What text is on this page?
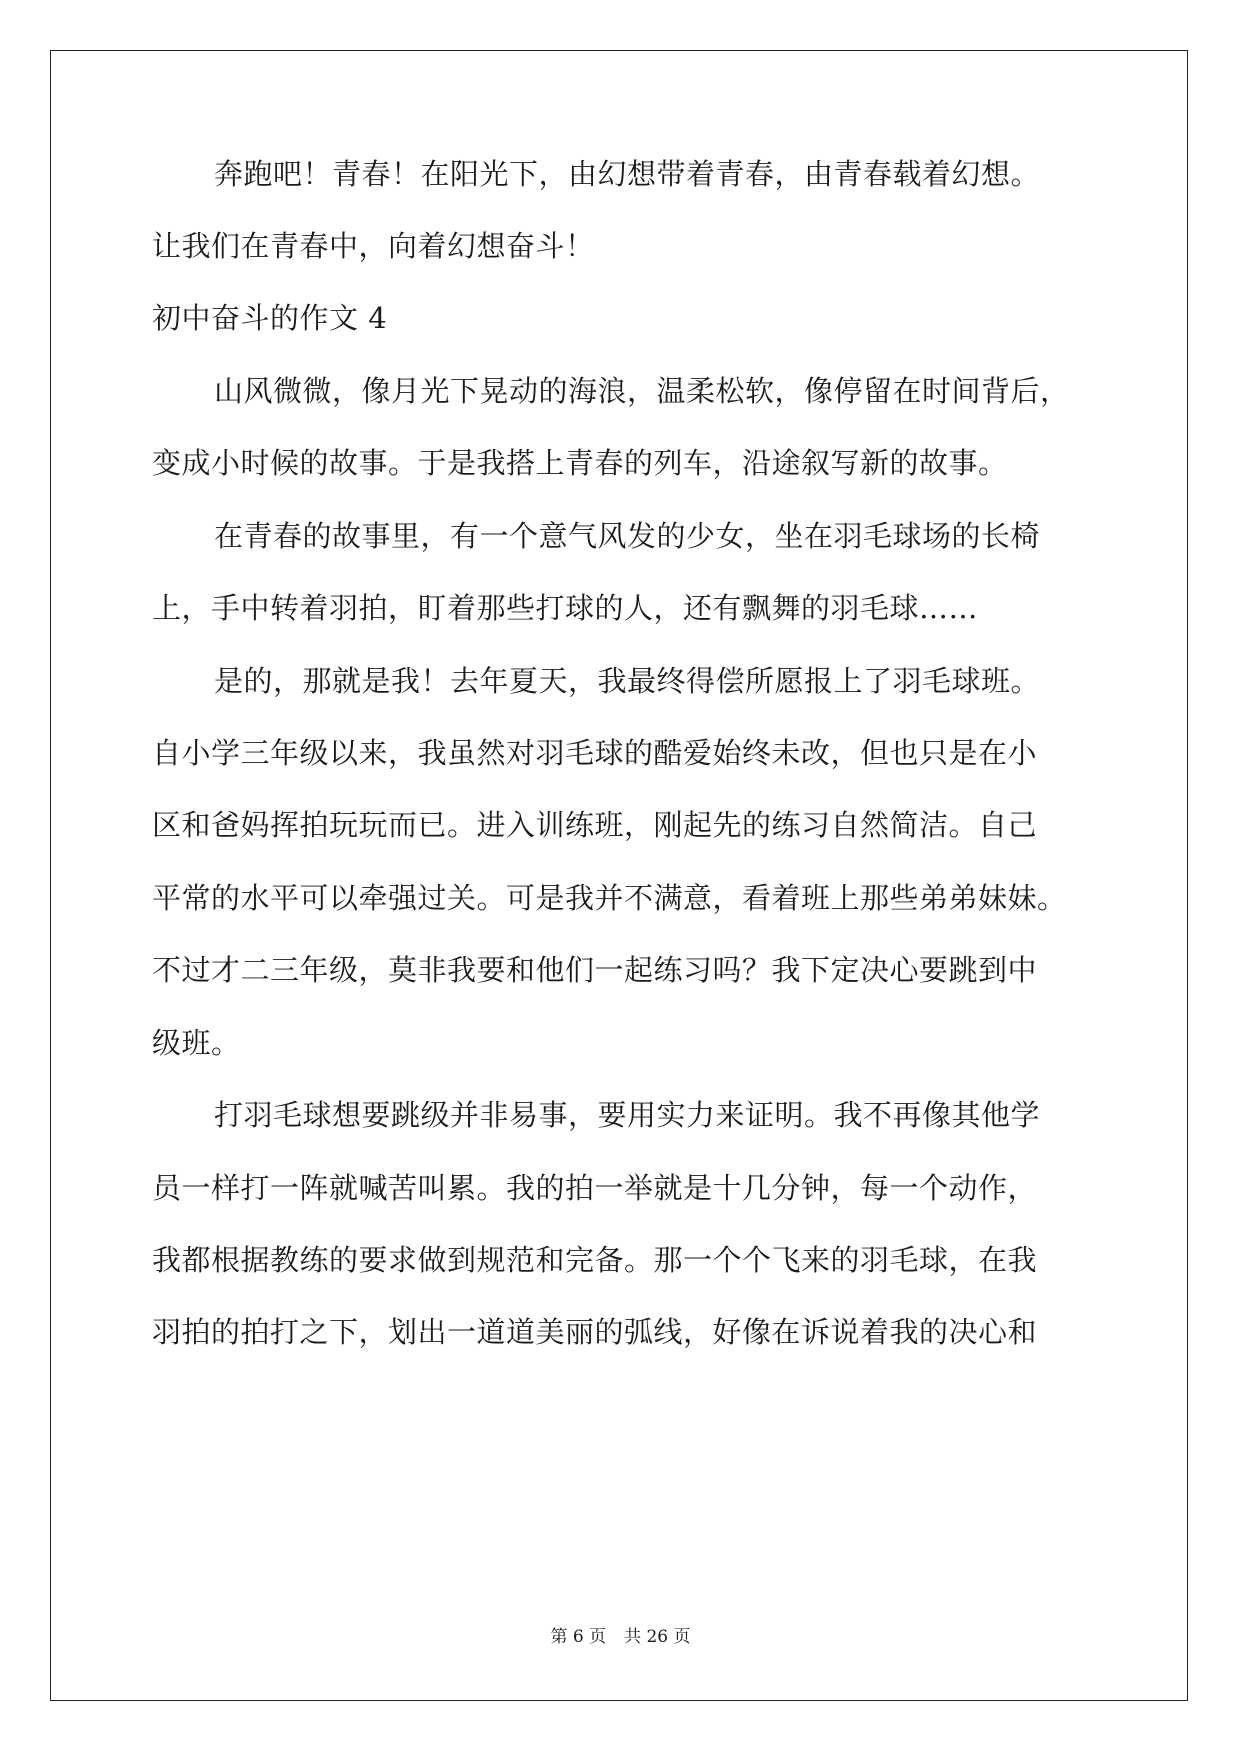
奔跑吧！青春！在阳光下，由幻想带着青春，由青春载着幻想。
让我们在青春中，向着幻想奋斗！
初中奋斗的作文 4
山风微微，像月光下晃动的海浪，温柔松软，像停留在时间背后，
变成小时候的故事。于是我搭上青春的列车，沿途叙写新的故事。
在青春的故事里，有一个意气风发的少女，坐在羽毛球场的长椅
上，手中转着羽拍，盯着那些打球的人，还有飘舞的羽毛球……
是的，那就是我！去年夏天，我最终得偿所愿报上了羽毛球班。
自小学三年级以来，我虽然对羽毛球的酷爱始终未改，但也只是在小
区和爸妈挥拍玩玩而已。进入训练班，刚起先的练习自然简洁。自己
平常的水平可以牵强过关。可是我并不满意，看着班上那些弟弟妹妹。
不过才二三年级，莫非我要和他们一起练习吗？我下定决心要跳到中
级班。
打羽毛球想要跳级并非易事，要用实力来证明。我不再像其他学
员一样打一阵就喊苦叫累。我的拍一举就是十几分钟，每一个动作，
我都根据教练的要求做到规范和完备。那一个个飞来的羽毛球，在我
羽拍的拍打之下，划出一道道美丽的弧线，好像在诉说着我的决心和
第 6 页 共 26 页
